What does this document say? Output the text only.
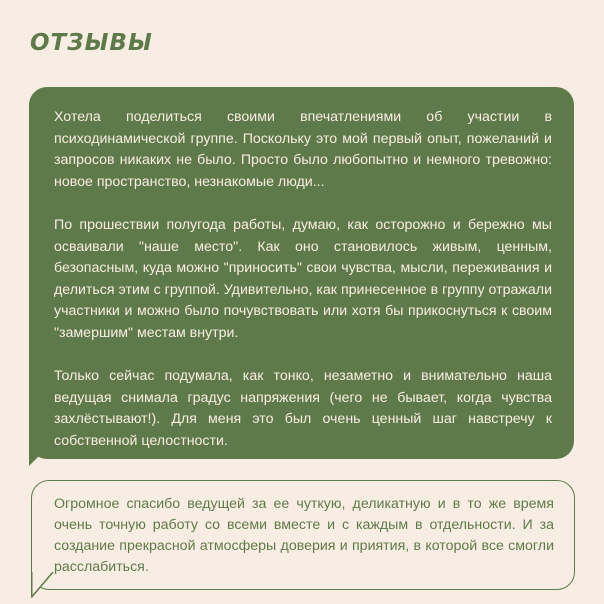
ОТЗЫВЫ

Хотела поделиться своими впечатлениями об участии в психодинамической группе. Поскольку это мой первый опыт, пожеланий и запросов никаких не было. Просто было любопытно и немного тревожно: новое пространство, незнакомые люди...

По прошествии полугода работы, думаю, как осторожно и бережно мы осваивали "наше место". Как оно становилось живым, ценным, безопасным, куда можно "приносить" свои чувства, мысли, переживания и делиться этим с группой. Удивительно, как принесенное в группу отражали участники и можно было почувствовать или хотя бы прикоснуться к своим "замершим" местам внутри.

Только сейчас подумала, как тонко, незаметно и внимательно наша ведущая снимала градус напряжения (чего не бывает, когда чувства захлёстывают!). Для меня это был очень ценный шаг навстречу к собственной целостности.

Огромное спасибо ведущей за ее чуткую, деликатную и в то же время очень точную работу со всеми вместе и с каждым в отдельности. И за создание прекрасной атмосферы доверия и приятия, в которой все смогли расслабиться.
